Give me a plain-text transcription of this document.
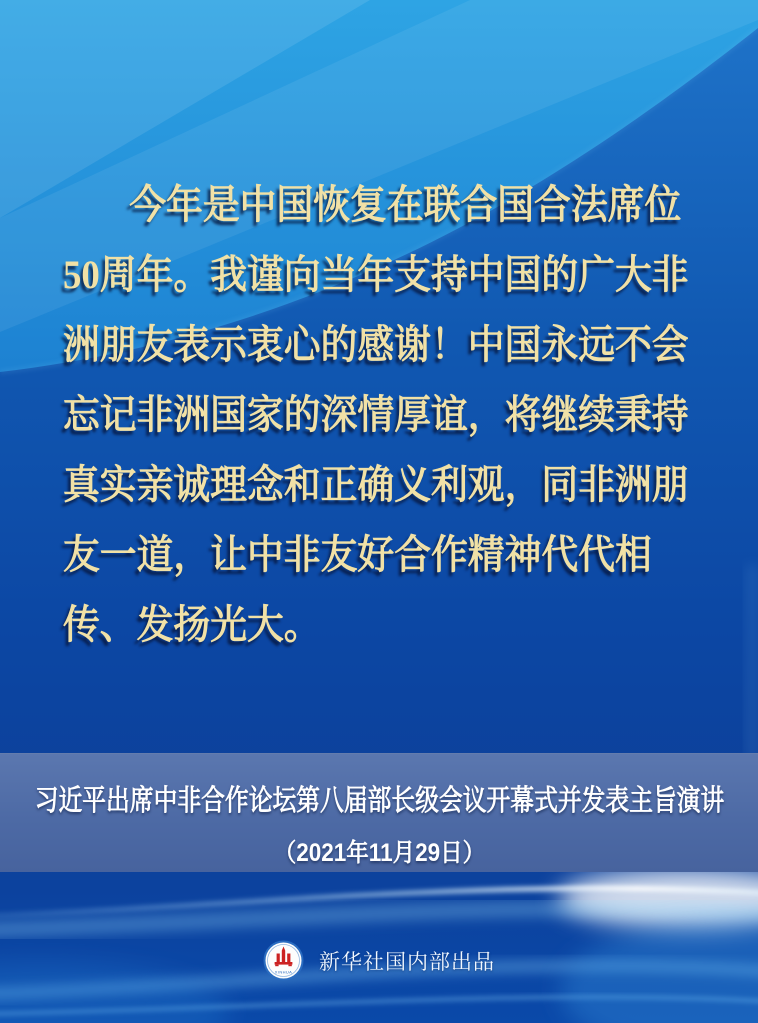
今年是中国恢复在联合国合法席位
50周年。我谨向当年支持中国的广大非
洲朋友表示衷心的感谢！中国永远不会
忘记非洲国家的深情厚谊，将继续秉持
真实亲诚理念和正确义利观，同非洲朋
友一道，让中非友好合作精神代代相
传、发扬光大。
习近平出席中非合作论坛第八届部长级会议开幕式并发表主旨演讲
（2021年11月29日）
XINHUA 新华社国内部出品
